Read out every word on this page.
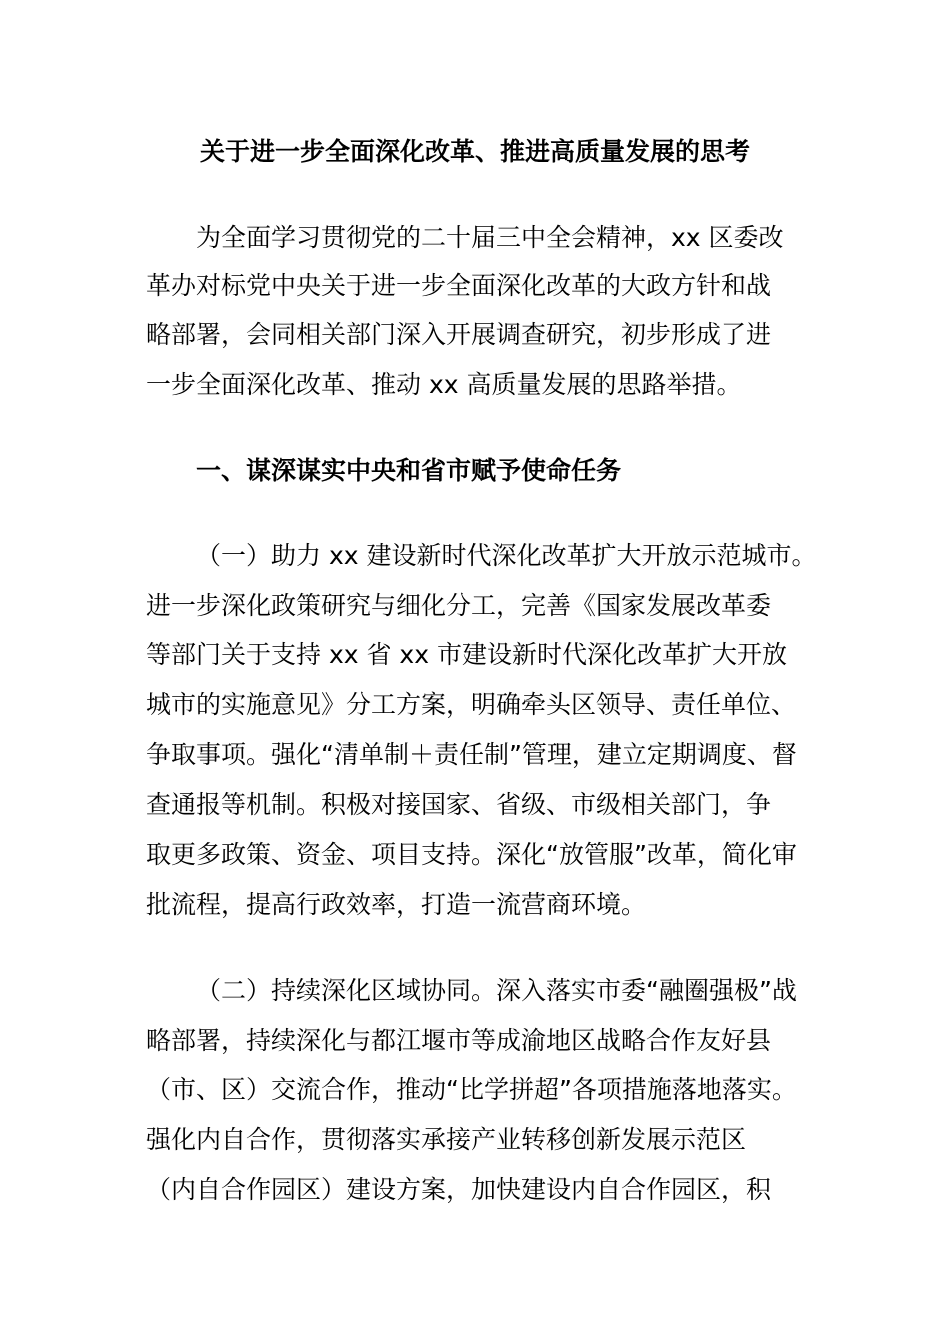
关于进一步全面深化改革、推进高质量发展的思考

为全面学习贯彻党的二十届三中全会精神，xx 区委改

革办对标党中央关于进一步全面深化改革的大政方针和战

略部署，会同相关部门深入开展调查研究，初步形成了进

一步全面深化改革、推动 xx 高质量发展的思路举措。

一、谋深谋实中央和省市赋予使命任务

（一）助力 xx 建设新时代深化改革扩大开放示范城市。

进一步深化政策研究与细化分工，完善《国家发展改革委

等部门关于支持 xx 省 xx 市建设新时代深化改革扩大开放

城市的实施意见》分工方案，明确牵头区领导、责任单位、

争取事项。强化“清单制＋责任制”管理，建立定期调度、督

查通报等机制。积极对接国家、省级、市级相关部门，争

取更多政策、资金、项目支持。深化“放管服”改革，简化审

批流程，提高行政效率，打造一流营商环境。

（二）持续深化区域协同。深入落实市委“融圈强极”战

略部署，持续深化与都江堰市等成渝地区战略合作友好县

（市、区）交流合作，推动“比学拼超”各项措施落地落实。

强化内自合作，贯彻落实承接产业转移创新发展示范区

（内自合作园区）建设方案，加快建设内自合作园区，积
